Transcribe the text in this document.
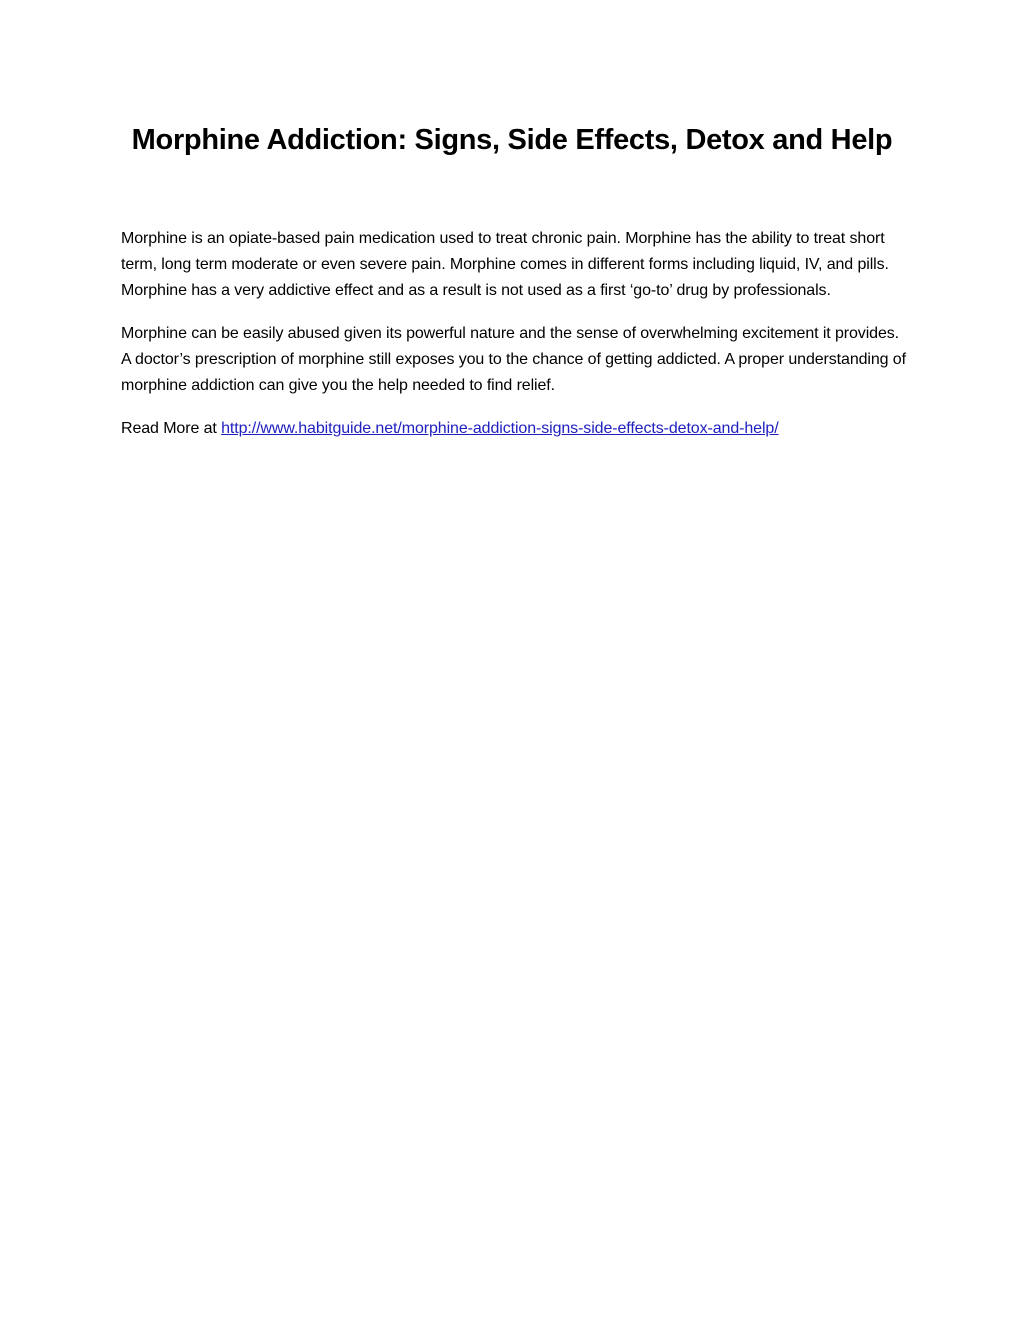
Morphine Addiction: Signs, Side Effects, Detox and Help

Morphine is an opiate-based pain medication used to treat chronic pain. Morphine has the ability to treat short term, long term moderate or even severe pain. Morphine comes in different forms including liquid, IV, and pills. Morphine has a very addictive effect and as a result is not used as a first ‘go-to’ drug by professionals.

Morphine can be easily abused given its powerful nature and the sense of overwhelming excitement it provides. A doctor’s prescription of morphine still exposes you to the chance of getting addicted. A proper understanding of morphine addiction can give you the help needed to find relief.

Read More at http://www.habitguide.net/morphine-addiction-signs-side-effects-detox-and-help/
